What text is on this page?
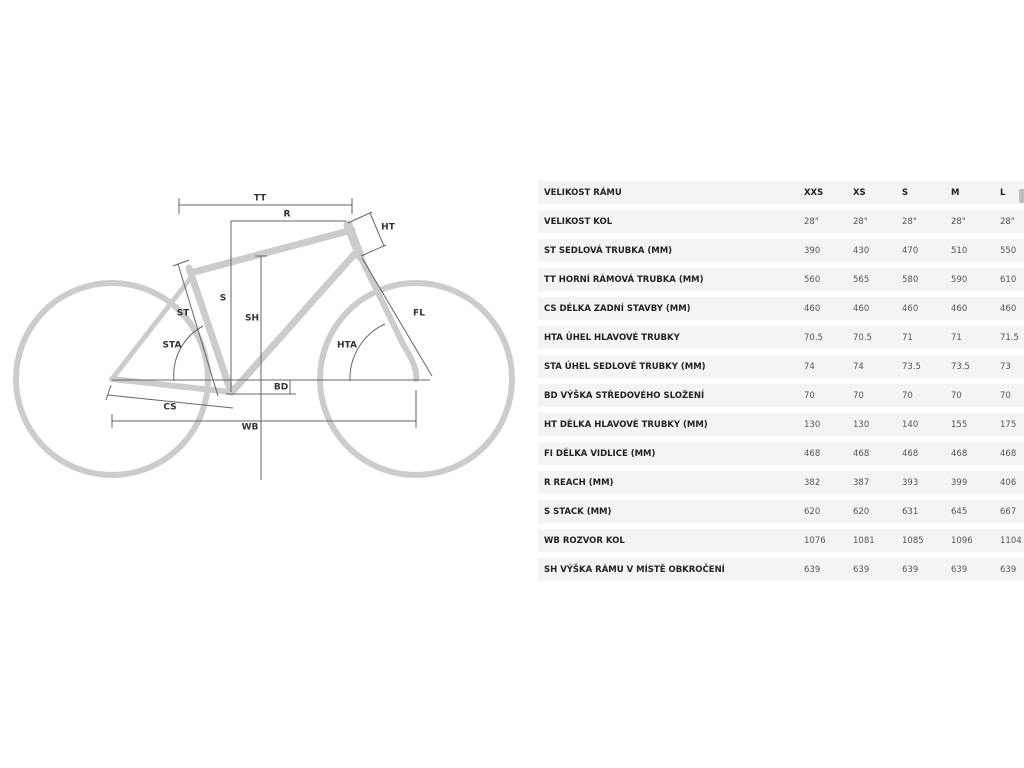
TT
R
HT
S
SH
ST
STA	HTA
FL
BD
CS
WB
VELIKOST RÁMU	XXS	XS	S	M	L
VELIKOST KOL	28"	28"	28"	28"	28"
ST SEDLOVÁ TRUBKA (MM)	390	430	470	510	550
TT HORNÍ RÁMOVÁ TRUBKA (MM)	560	565	580	590	610
CS DÉLKA ZADNÍ STAVBY (MM)	460	460	460	460	460
HTA ÚHEL HLAVOVÉ TRUBKY	70.5	70.5	71	71	71.5
STA ÚHEL SEDLOVÉ TRUBKY (MM)	74	74	73.5	73.5	73
BD VÝŠKA STŘEDOVÉHO SLOŽENÍ	70	70	70	70	70
HT DÉLKA HLAVOVÉ TRUBKY (MM)	130	130	140	155	175
FI DÉLKA VIDLICE (MM)	468	468	468	468	468
R REACH (MM)	382	387	393	399	406
S STACK (MM)	620	620	631	645	667
WB ROZVOR KOL	1076	1081	1085	1096	1104
SH VÝŠKA RÁMU V MÍSTĚ OBKROČENÍ	639	639	639	639	639
